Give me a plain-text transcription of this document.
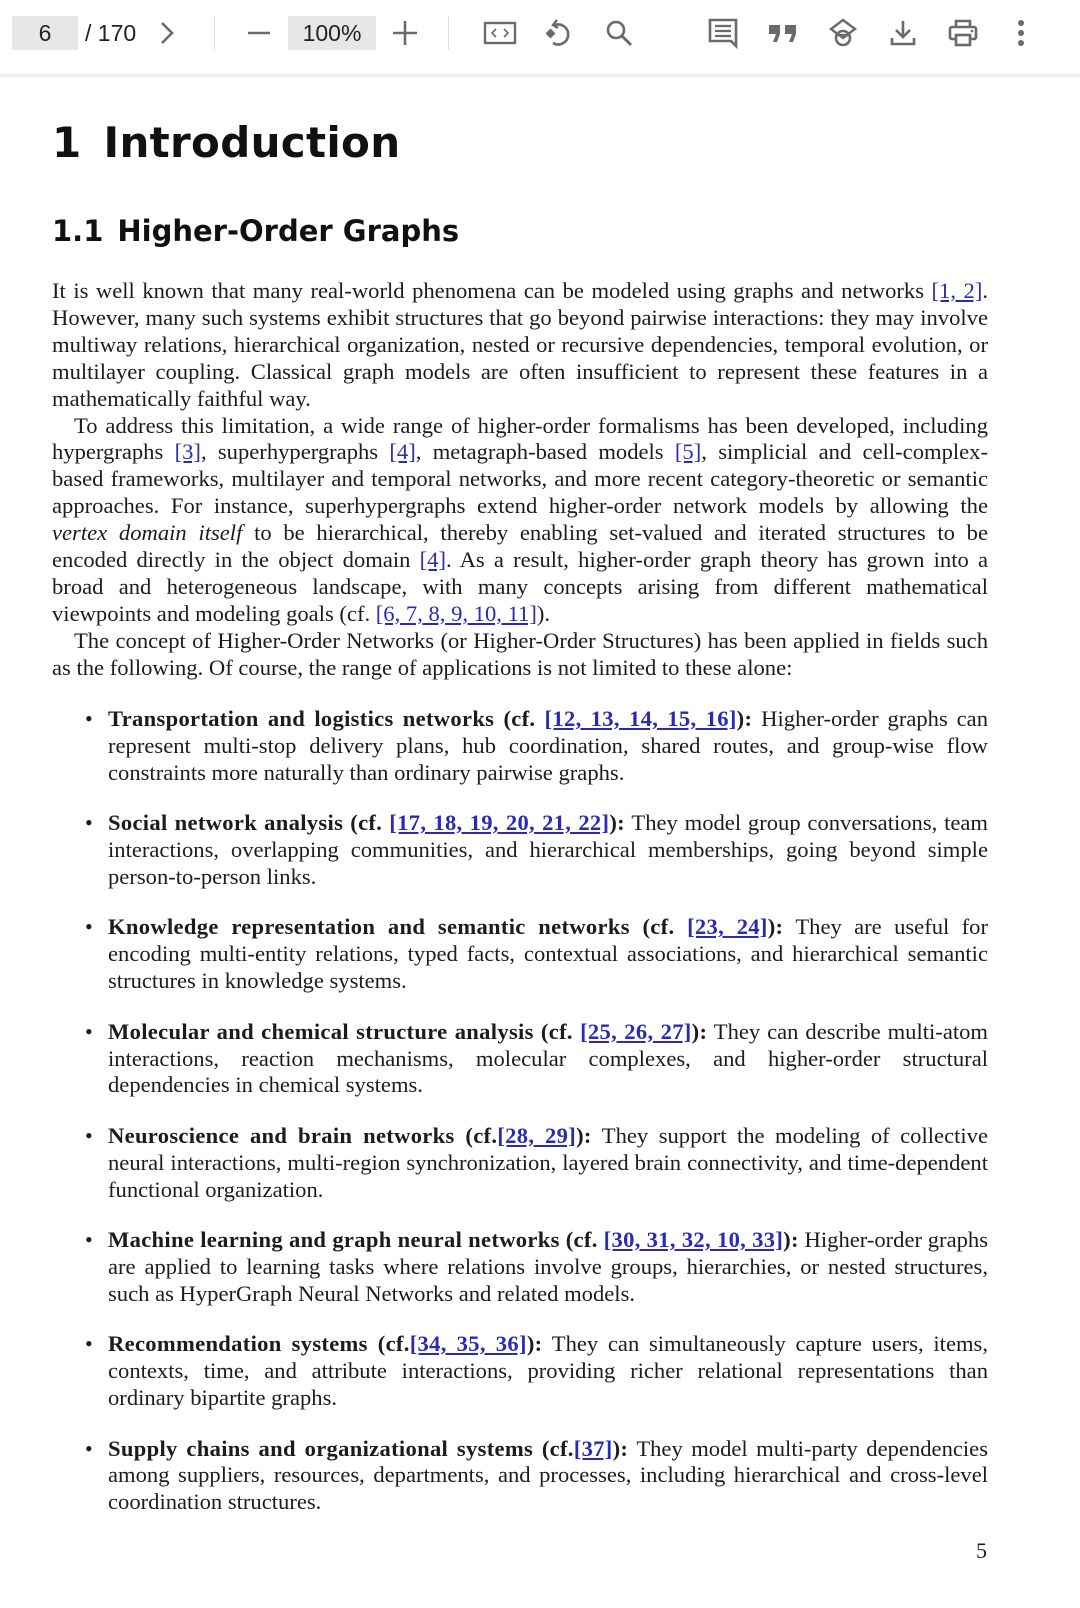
6	/ 170	100%
1 Introduction
1.1 Higher-Order Graphs

It is well known that many real-world phenomena can be modeled using graphs and networks [1, 2]. However, many such systems exhibit structures that go beyond pairwise interactions: they may involve multiway relations, hierarchical organization, nested or recursive dependencies, temporal evolution, or multilayer coupling. Classical graph models are often insufficient to represent these features in a mathematically faithful way.

To address this limitation, a wide range of higher-order formalisms has been developed, including hypergraphs [3], superhypergraphs [4], metagraph-based models [5], simplicial and cell-complex-based frameworks, multilayer and temporal networks, and more recent category-theoretic or semantic approaches. For instance, superhypergraphs extend higher-order network models by allowing the vertex domain itself to be hierarchical, thereby enabling set-valued and iterated structures to be encoded directly in the object domain [4]. As a result, higher-order graph theory has grown into a broad and heterogeneous landscape, with many concepts arising from different mathematical viewpoints and modeling goals (cf. [6, 7, 8, 9, 10, 11]).

The concept of Higher-Order Networks (or Higher-Order Structures) has been applied in fields such as the following. Of course, the range of applications is not limited to these alone:

• Transportation and logistics networks (cf. [12, 13, 14, 15, 16]): Higher-order graphs can represent multi-stop delivery plans, hub coordination, shared routes, and group-wise flow constraints more naturally than ordinary pairwise graphs.
• Social network analysis (cf. [17, 18, 19, 20, 21, 22]): They model group conversations, team interactions, overlapping communities, and hierarchical memberships, going beyond simple person-to-person links.
• Knowledge representation and semantic networks (cf. [23, 24]): They are useful for encoding multi-entity relations, typed facts, contextual associations, and hierarchical semantic structures in knowledge systems.
• Molecular and chemical structure analysis (cf. [25, 26, 27]): They can describe multi-atom interactions, reaction mechanisms, molecular complexes, and higher-order structural dependencies in chemical systems.
• Neuroscience and brain networks (cf.[28, 29]): They support the modeling of collective neural interactions, multi-region synchronization, layered brain connectivity, and time-dependent functional organization.
• Machine learning and graph neural networks (cf. [30, 31, 32, 10, 33]): Higher-order graphs are applied to learning tasks where relations involve groups, hierarchies, or nested structures, such as HyperGraph Neural Networks and related models.
• Recommendation systems (cf.[34, 35, 36]): They can simultaneously capture users, items, contexts, time, and attribute interactions, providing richer relational representations than ordinary bipartite graphs.
• Supply chains and organizational systems (cf.[37]): They model multi-party dependencies among suppliers, resources, departments, and processes, including hierarchical and cross-level coordination structures.
5
